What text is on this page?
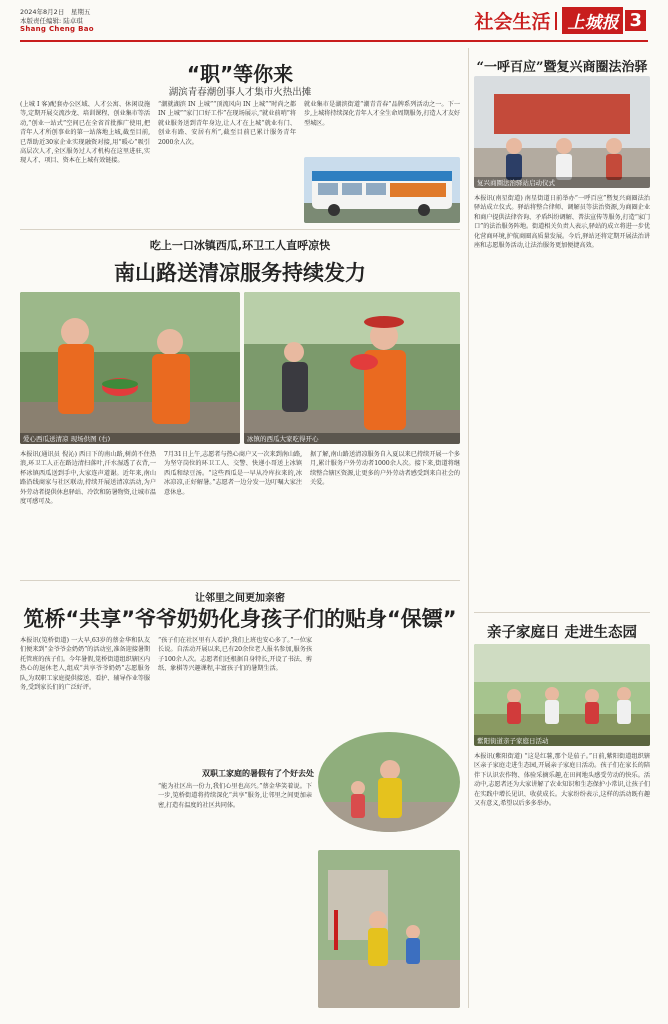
2024年8月2日　星期五
本版责任编辑: 陆卓琪
Shang Cheng Bao	社会生活 上城报 3
“职”等你来
湖滨青春潮创事人才集市火热出摊
(上城 I 客)配套办公区域、人才公寓、休闲设施等,定期开展交流沙龙、培训课程、创业集市等活动,“创业一站式”空间已在全省首批推广使用,把青年人才所创事业的第一站落地上城,截至目前,已帮助近30家企业实现融资对接,用“暖心”吸引高层次人才,全区服务过人才机构在这里进驻,实现人才、项目、资本在上城有效链接。
“潮就湖滨 IN 上城”“顶流风向 IN 上城”“时尚之都 IN 上城”“家门口好工作”在现场展示,“就业前哨”将就业服务送到青年身边,让人才在上城“就业有门、创业有路、安居有所”,截至目前已累计服务青年2000余人次。
就业集市是湖滨街道“潮青青春”品牌系列活动之一。下一步,上城将持续深化青年人才全生命周期服务,打造人才友好型城区。
吃上一口冰镇西瓜,环卫工人直呼凉快
南山路送清凉服务持续发力
爱心西瓜送清凉 现场供图 (右)	冰镇的西瓜大家吃得开心
本报讯(通讯员 倪沁) 西日下的南山路,树荫不住热浪,环卫工人正在路边清扫落叶,汗水湿透了衣背,一杯冰镇西瓜送到手中,大家连声道谢。近年来,南山路沿线商家与社区联动,持续开展送清凉活动,为户外劳动者提供休息驿站、冷饮和防暑物资,让城市温度可感可及。
7月31日上午,志愿者与热心商户又一次来到南山路,为坚守岗位的环卫工人、交警、快递小哥送上冰镇西瓜和绿豆汤。“这些西瓜是一早从冷库拉来的,冰冰凉凉,正好解暑。”志愿者一边分发一边叮嘱大家注意休息。
据了解,南山路送清凉服务自入夏以来已持续开展一个多月,累计服务户外劳动者1000余人次。接下来,街道将继续整合辖区资源,让更多的户外劳动者感受到来自社会的关爱。
让邻里之间更加亲密
笕桥“共享”爷爷奶奶化身孩子们的贴身“保镖”
本报讯(笕桥街道) 一大早,63岁的蔡金华和队友们便来到“金爷爷金奶奶”的活动室,准备迎接暑期托管班的孩子们。今年暑假,笕桥街道组织辖区内热心的退休老人,组成“共享爷爷奶奶”志愿服务队,为双职工家庭提供接送、看护、辅导作业等服务,受到家长们的广泛好评。
“孩子们在社区里有人看护,我们上班也安心多了。”一位家长说。自活动开展以来,已有20余位老人报名参加,服务孩子100余人次。志愿者们还根据自身特长,开设了书法、剪纸、象棋等兴趣课程,丰富孩子们的暑期生活。
双职工家庭的暑假有了个好去处
“能为社区出一份力,我们心里也高兴。”蔡金华笑着说。下一步,笕桥街道将持续深化“共享”服务,让邻里之间更加亲密,打造有温度的社区共同体。
“一呼百应”暨复兴商圈法治驿
复兴商圈法治驿站启动仪式
本报讯(南星街道) 南星街道日前举办“一呼百应”暨复兴商圈法治驿站成立仪式。驿站将整合律师、调解员等法治资源,为商圈企业和商户提供法律咨询、矛盾纠纷调解、普法宣传等服务,打造“家门口”的法治服务阵地。街道相关负责人表示,驿站的成立将进一步优化营商环境,护航商圈高质量发展。今后,驿站还将定期开展法治讲座和志愿服务活动,让法治服务更加便捷高效。
亲子家庭日 走进生态园
紫阳街道亲子家庭日活动
本报讯(紫阳街道) “这是红薯,那个是茄子。”日前,紫阳街道组织辖区亲子家庭走进生态园,开展亲子家庭日活动。孩子们在家长的陪伴下认识农作物、体验采摘乐趣,在田间地头感受劳动的快乐。活动中,志愿者还为大家讲解了农业知识和生态保护小常识,让孩子们在实践中增长见识、收获成长。大家纷纷表示,这样的活动既有趣又有意义,希望以后多多举办。
